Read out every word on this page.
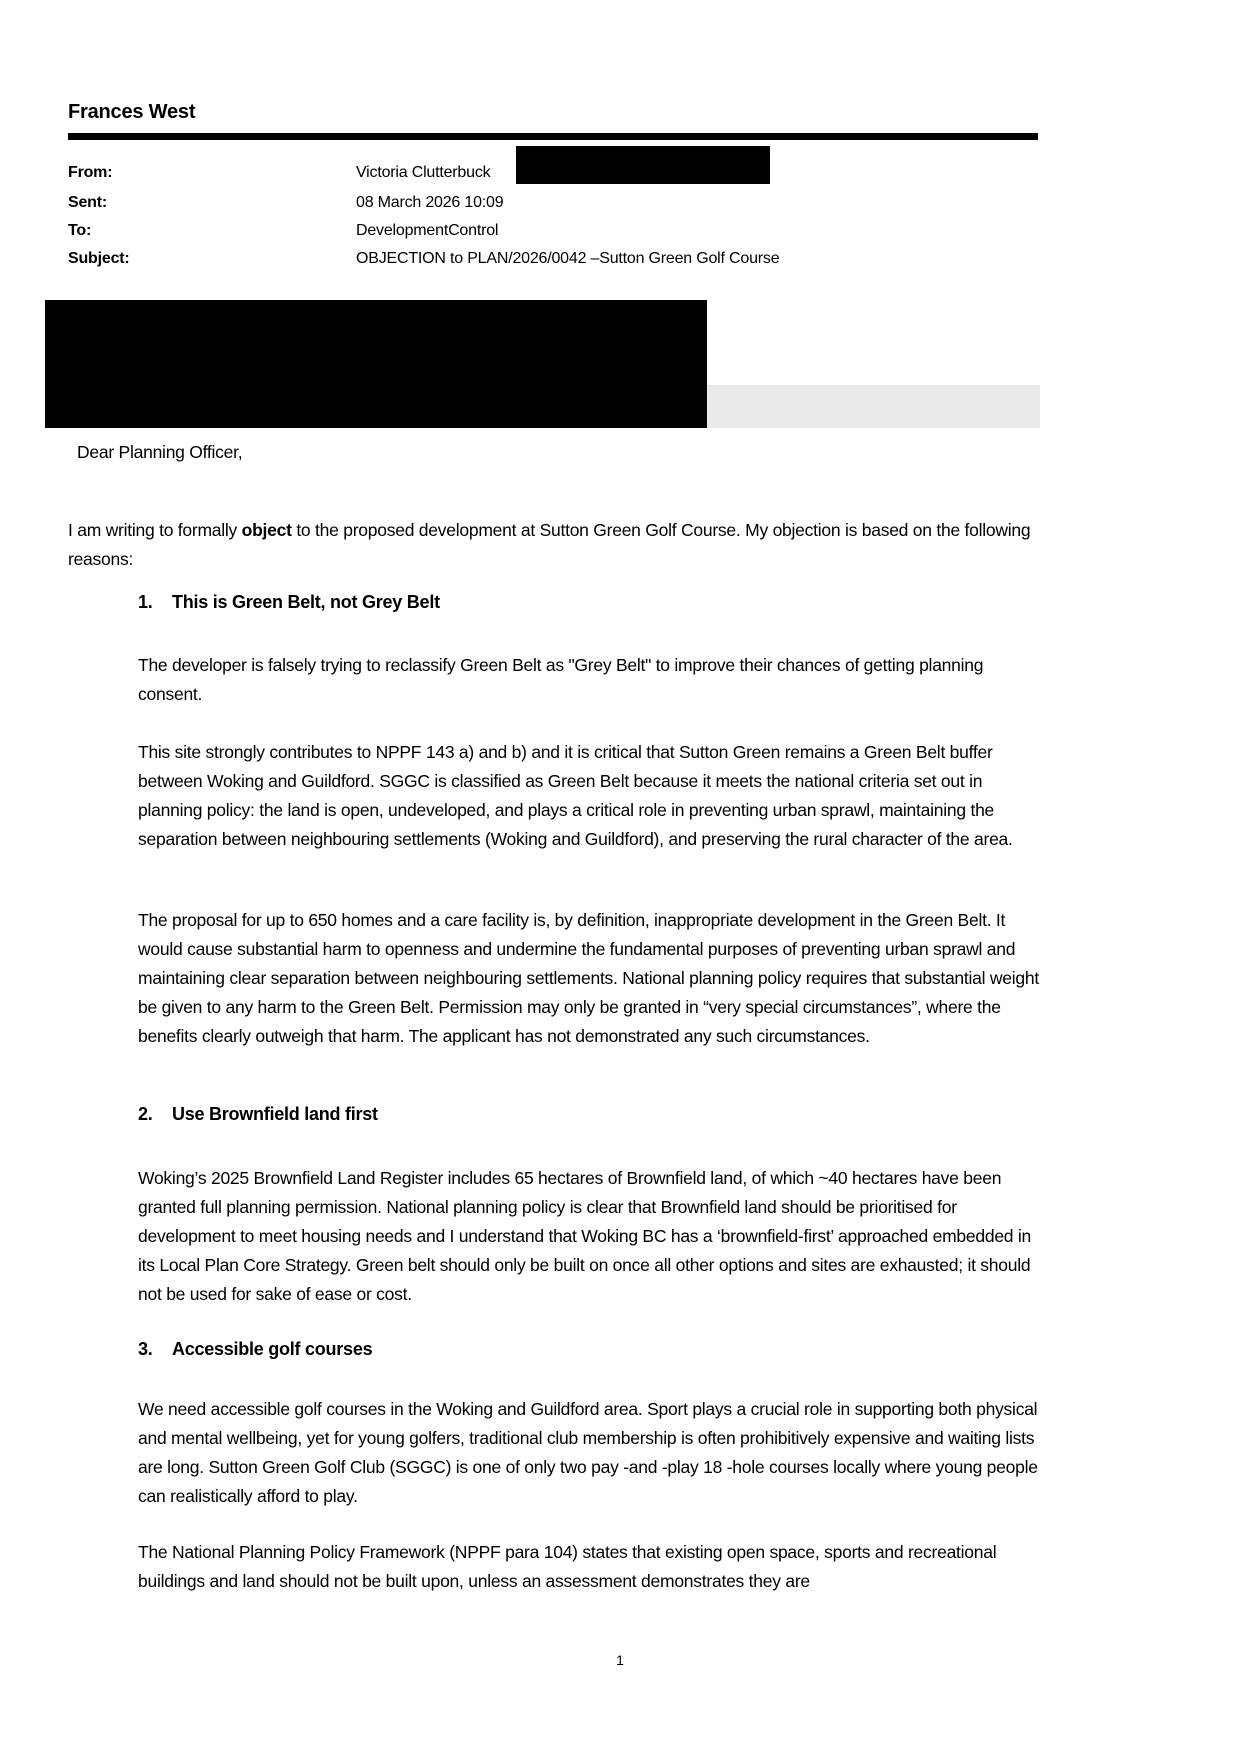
Frances West
From:	Victoria Clutterbuck
Sent:	08 March 2026 10:09
To:	DevelopmentControl
Subject:	OBJECTION to PLAN/2026/0042 –Sutton Green Golf Course
Dear Planning Officer,
I am writing to formally object to the proposed development at Sutton Green Golf Course. My objection is based on the following reasons:
1.	This is Green Belt, not Grey Belt
The developer is falsely trying to reclassify Green Belt as "Grey Belt" to improve their chances of getting planning consent.
This site strongly contributes to NPPF 143 a) and b) and it is critical that Sutton Green remains a Green Belt buffer between Woking and Guildford. SGGC is classified as Green Belt because it meets the national criteria set out in planning policy: the land is open, undeveloped, and plays a critical role in preventing urban sprawl, maintaining the separation between neighbouring settlements (Woking and Guildford), and preserving the rural character of the area.
The proposal for up to 650 homes and a care facility is, by definition, inappropriate development in the Green Belt. It would cause substantial harm to openness and undermine the fundamental purposes of preventing urban sprawl and maintaining clear separation between neighbouring settlements. National planning policy requires that substantial weight be given to any harm to the Green Belt. Permission may only be granted in “very special circumstances”, where the benefits clearly outweigh that harm. The applicant has not demonstrated any such circumstances.
2.	Use Brownfield land first
Woking’s 2025 Brownfield Land Register includes 65 hectares of Brownfield land, of which ~40 hectares have been granted full planning permission. National planning policy is clear that Brownfield land should be prioritised for development to meet housing needs and I understand that Woking BC has a ‘brownfield-first’ approached embedded in its Local Plan Core Strategy. Green belt should only be built on once all other options and sites are exhausted; it should not be used for sake of ease or cost.
3.	Accessible golf courses
We need accessible golf courses in the Woking and Guildford area. Sport plays a crucial role in supporting both physical and mental wellbeing, yet for young golfers, traditional club membership is often prohibitively expensive and waiting lists are long. Sutton Green Golf Club (SGGC) is one of only two pay -and -play 18 -hole courses locally where young people can realistically afford to play.
The National Planning Policy Framework (NPPF para 104) states that existing open space, sports and recreational buildings and land should not be built upon, unless an assessment demonstrates they are
1
